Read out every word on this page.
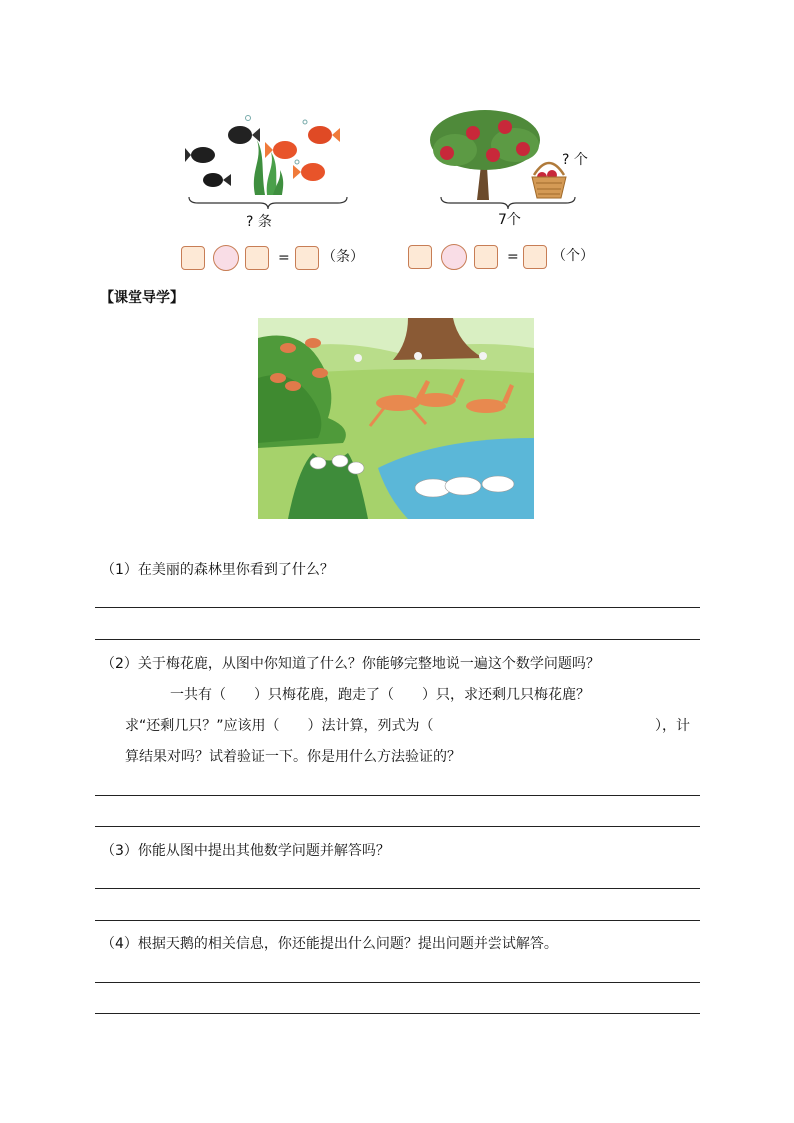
? 条
? 个
7个
= （条）	= （个）
【课堂导学】
（1）在美丽的森林里你看到了什么？
（2）关于梅花鹿，从图中你知道了什么？你能够完整地说一遍这个数学问题吗？
一共有（　　）只梅花鹿，跑走了（　　）只，求还剩几只梅花鹿？
求“还剩几只？”应该用（　　）法计算，列式为（	），计
算结果对吗？试着验证一下。你是用什么方法验证的？
（3）你能从图中提出其他数学问题并解答吗？
（4）根据天鹅的相关信息，你还能提出什么问题？提出问题并尝试解答。
